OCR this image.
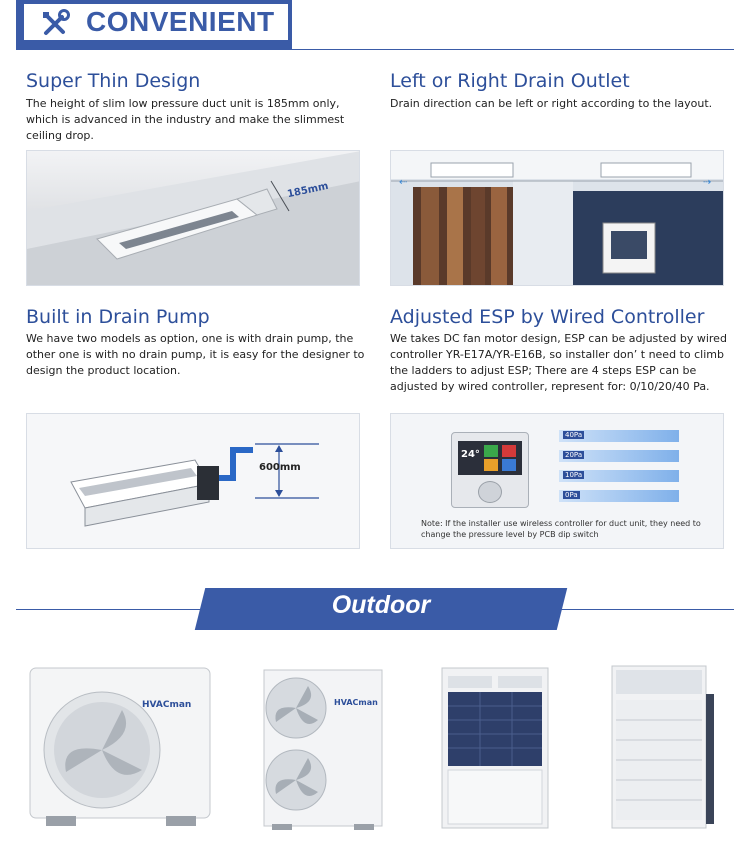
CONVENIENT
Super Thin Design
The height of slim low pressure duct unit is 185mm only, which is advanced in the industry and make the slimmest ceiling drop.
185mm
Left or Right Drain Outlet
Drain direction can be left or right according to the layout.
⇠	⇢
Built in Drain Pump
We have two models as option, one is with drain pump, the other one is with no drain pump, it is easy for the designer to design the product location.
600mm
Adjusted ESP by Wired Controller
We takes DC fan motor design, ESP can be adjusted by wired controller YR-E17A/YR-E16B, so installer don’ t need to climb the ladders to adjust ESP; There are 4 steps ESP can be adjusted by wired controller, represent for: 0/10/20/40 Pa.
24°
40Pa
20Pa
10Pa
0Pa
Note: If the installer use wireless controller for duct unit, they need to
change the pressure level by PCB dip switch
Outdoor
HVACman	HVACman
